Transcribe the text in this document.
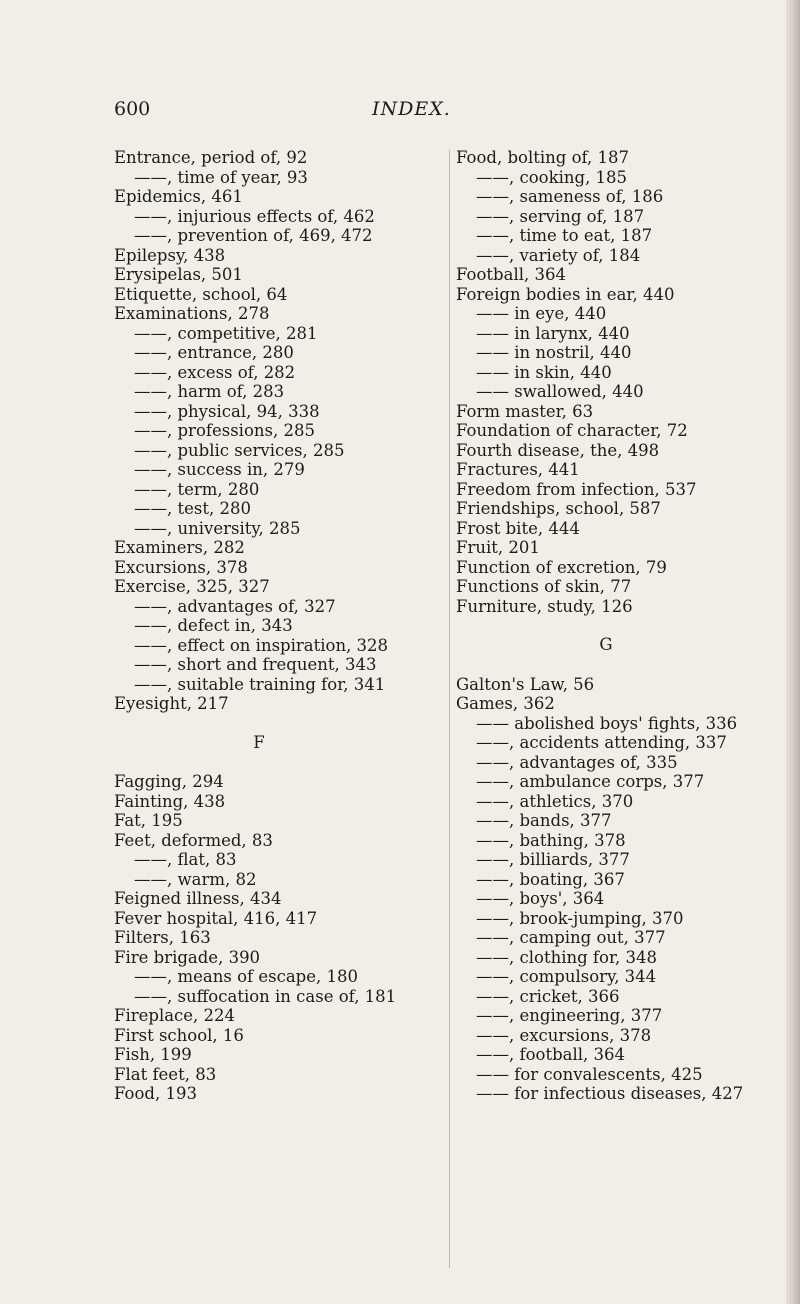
600	INDEX.
Entrance, period of, 92
——, time of year, 93
Epidemics, 461
——, injurious effects of, 462
——, prevention of, 469, 472
Epilepsy, 438
Erysipelas, 501
Etiquette, school, 64
Examinations, 278
——, competitive, 281
——, entrance, 280
——, excess of, 282
——, harm of, 283
——, physical, 94, 338
——, professions, 285
——, public services, 285
——, success in, 279
——, term, 280
——, test, 280
——, university, 285
Examiners, 282
Excursions, 378
Exercise, 325, 327
——, advantages of, 327
——, defect in, 343
——, effect on inspiration, 328
——, short and frequent, 343
——, suitable training for, 341
Eyesight, 217
F
Fagging, 294
Fainting, 438
Fat, 195
Feet, deformed, 83
——, flat, 83
——, warm, 82
Feigned illness, 434
Fever hospital, 416, 417
Filters, 163
Fire brigade, 390
——, means of escape, 180
——, suffocation in case of, 181
Fireplace, 224
First school, 16
Fish, 199
Flat feet, 83
Food, 193
Food, bolting of, 187
——, cooking, 185
——, sameness of, 186
——, serving of, 187
——, time to eat, 187
——, variety of, 184
Football, 364
Foreign bodies in ear, 440
—— in eye, 440
—— in larynx, 440
—— in nostril, 440
—— in skin, 440
—— swallowed, 440
Form master, 63
Foundation of character, 72
Fourth disease, the, 498
Fractures, 441
Freedom from infection, 537
Friendships, school, 587
Frost bite, 444
Fruit, 201
Function of excretion, 79
Functions of skin, 77
Furniture, study, 126
G
Galton's Law, 56
Games, 362
—— abolished boys' fights, 336
——, accidents attending, 337
——, advantages of, 335
——, ambulance corps, 377
——, athletics, 370
——, bands, 377
——, bathing, 378
——, billiards, 377
——, boating, 367
——, boys', 364
——, brook-jumping, 370
——, camping out, 377
——, clothing for, 348
——, compulsory, 344
——, cricket, 366
——, engineering, 377
——, excursions, 378
——, football, 364
—— for convalescents, 425
—— for infectious diseases, 427
